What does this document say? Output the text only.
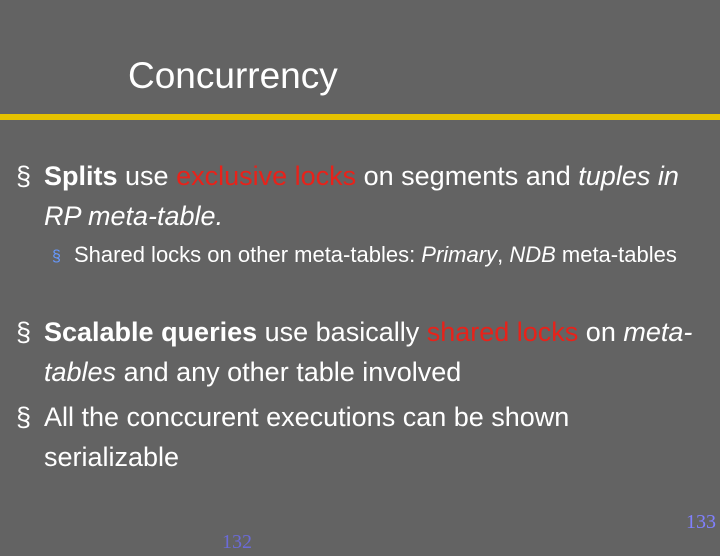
Concurrency
§ Splits use exclusive locks on segments and tuples in RP meta-table.
§ Shared locks on other meta-tables: Primary, NDB meta-tables
§ Scalable queries use basically shared locks on meta-tables and any other table involved
§ All the conccurent executions can be shown serializable
132
133
